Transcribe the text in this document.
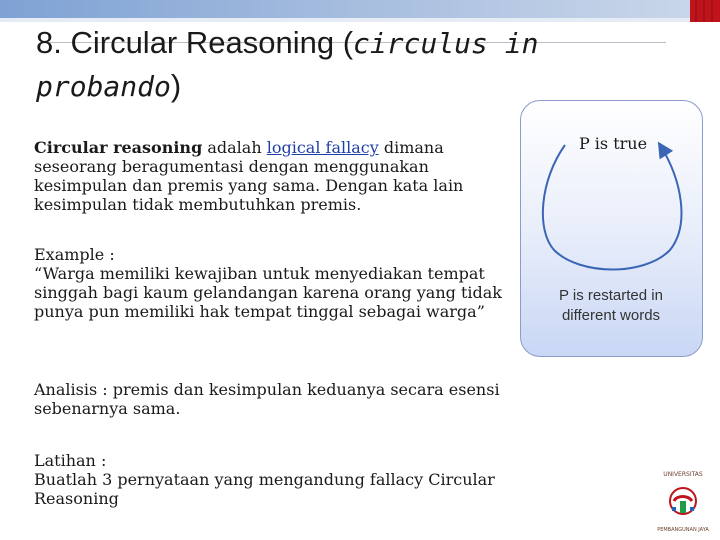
8. Circular Reasoning (circulus in probando)

Circular reasoning adalah logical fallacy dimana seseorang beragumentasi dengan menggunakan kesimpulan dan premis yang sama. Dengan kata lain kesimpulan tidak membutuhkan premis.

Example :

“Warga memiliki kewajiban untuk menyediakan tempat singgah bagi kaum gelandangan karena orang yang tidak punya pun memiliki hak tempat tinggal sebagai warga”

Analisis : premis dan kesimpulan keduanya secara esensi sebenarnya sama.

Latihan :

Buatlah 3 pernyataan yang mengandung fallacy Circular Reasoning

P is true
P is restarted in different words
UNIVERSITAS
PEMBANGUNAN JAYA
